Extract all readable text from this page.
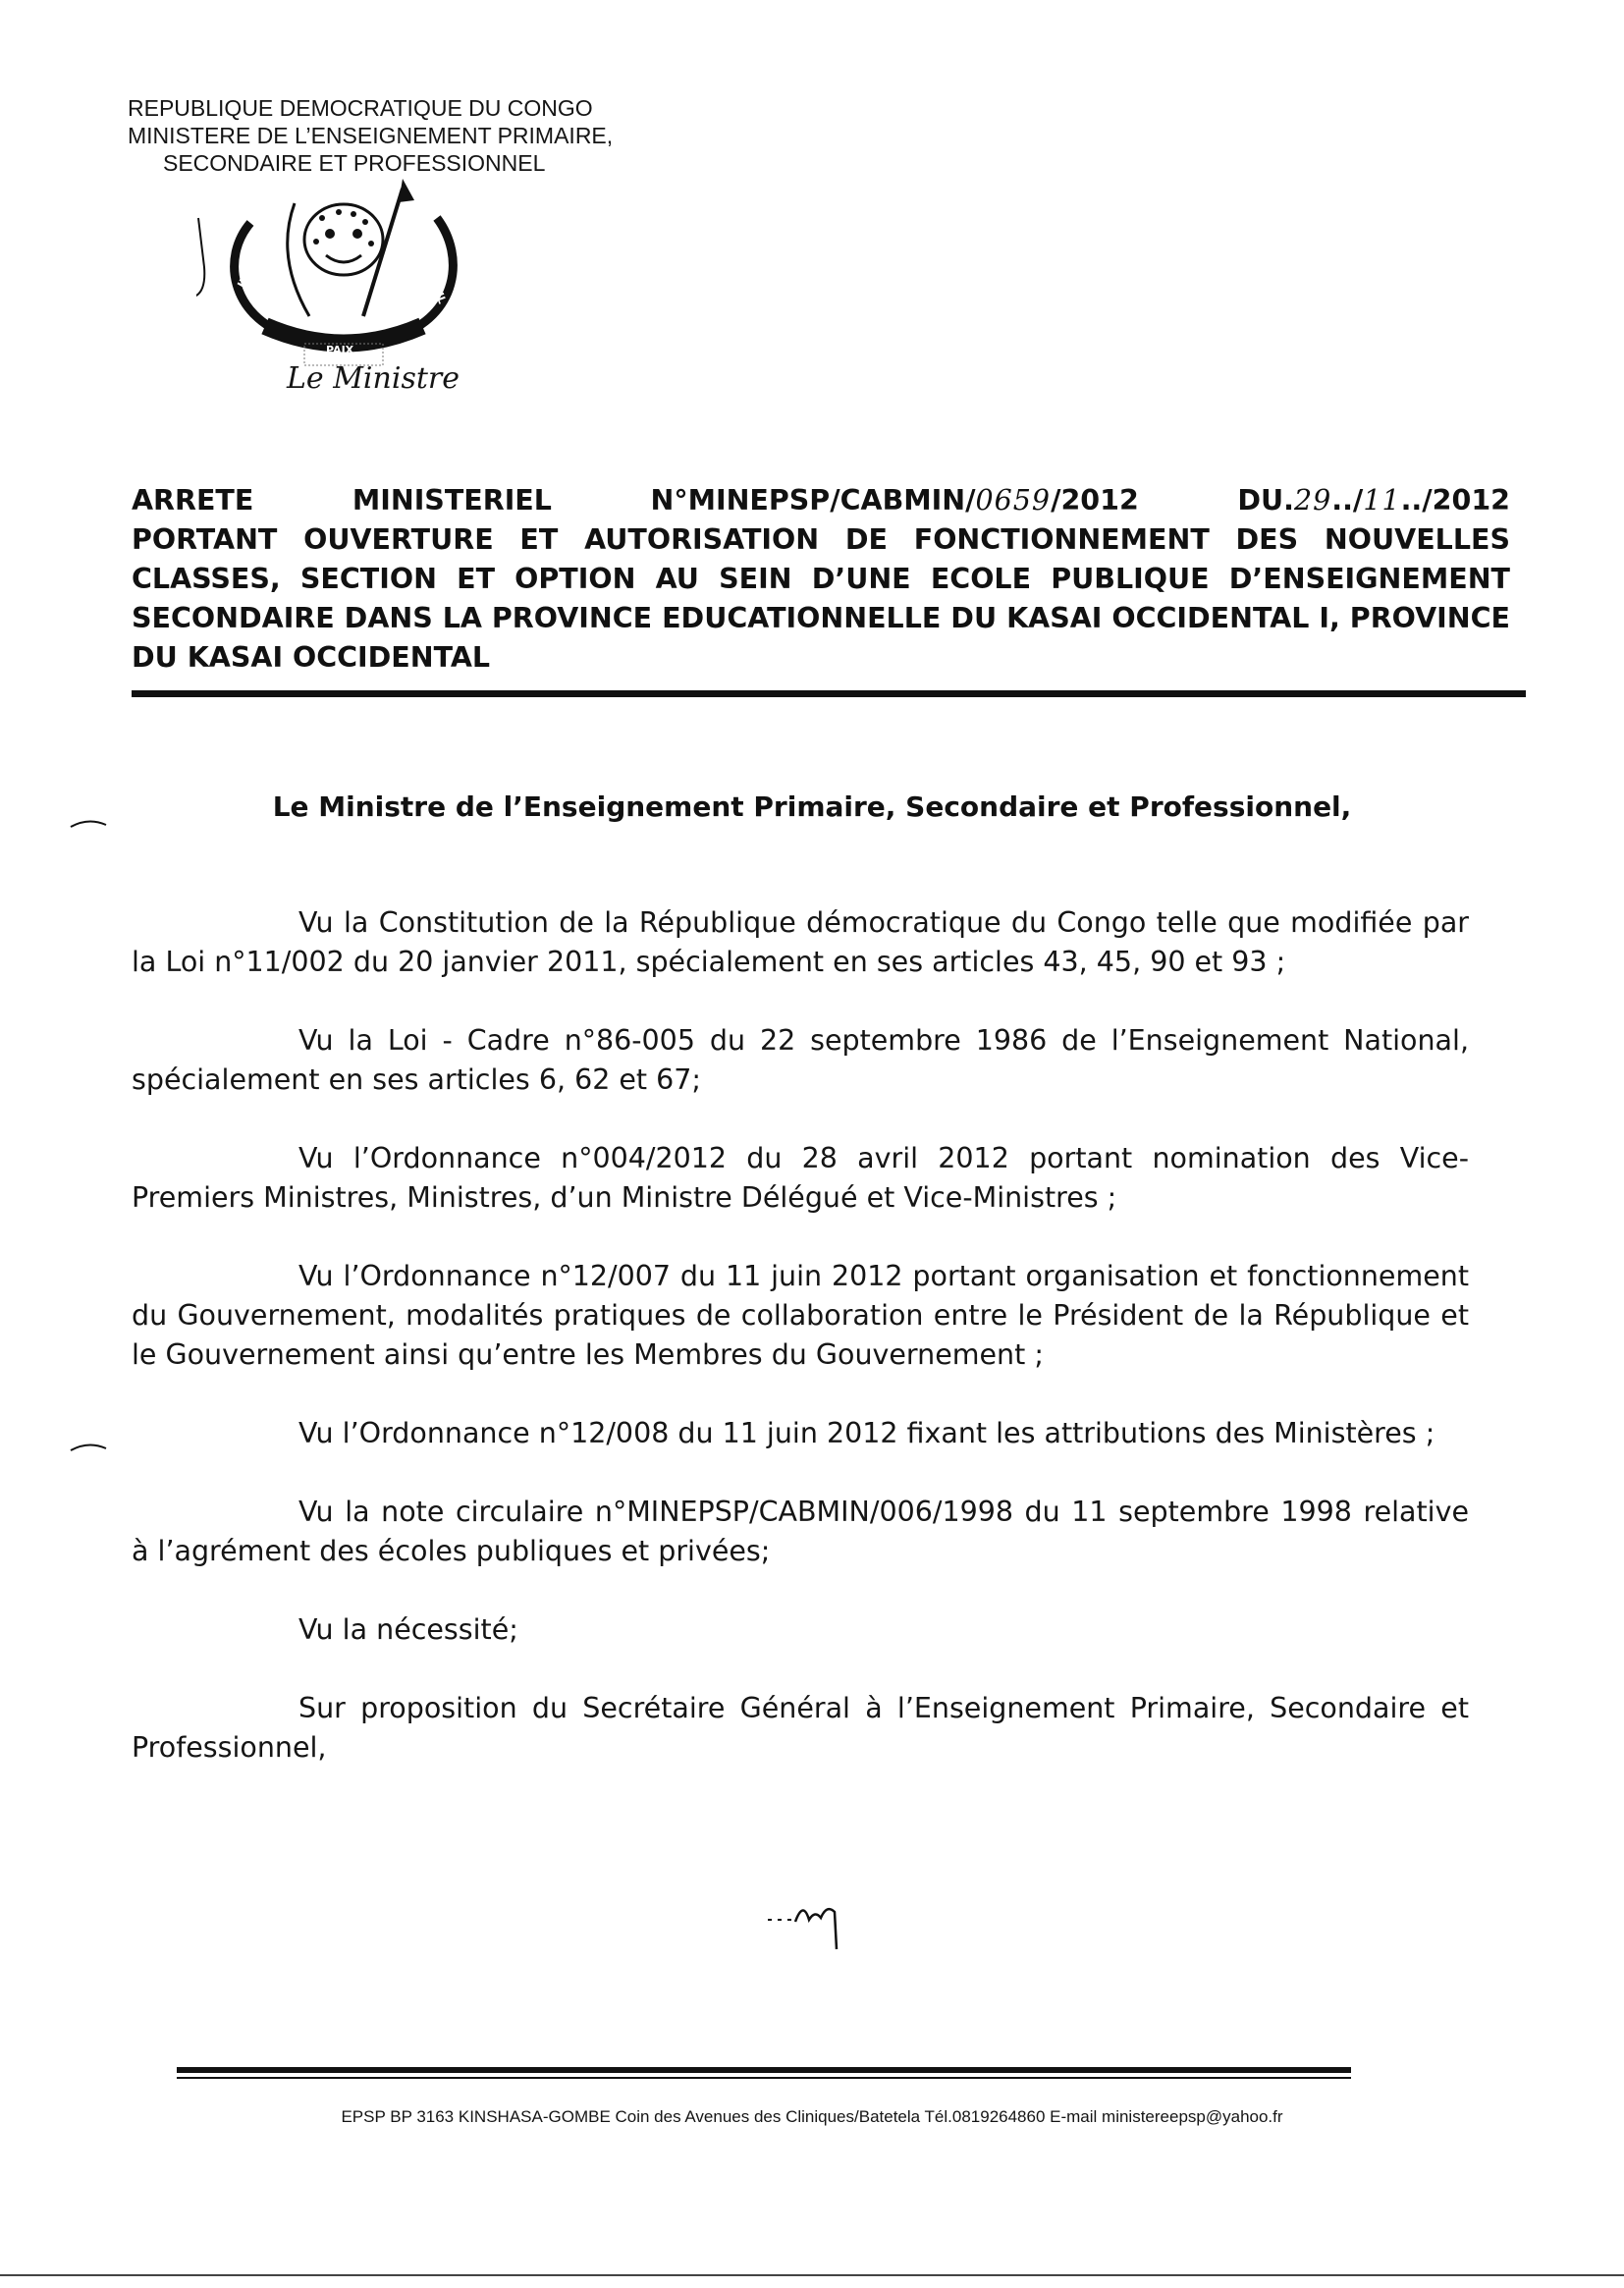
REPUBLIQUE DEMOCRATIQUE DU CONGO
MINISTERE DE L’ENSEIGNEMENT PRIMAIRE,
SECONDAIRE ET PROFESSIONNEL
JUSTICE
PAIX
TRAVAIL
Le Ministre
ARRETE	MINISTERIEL	N°MINEPSP/CABMIN/0659/2012	DU.29../11../2012
PORTANT OUVERTURE ET AUTORISATION DE FONCTIONNEMENT DES NOUVELLES CLASSES, SECTION ET OPTION AU SEIN D’UNE ECOLE PUBLIQUE D’ENSEIGNEMENT SECONDAIRE DANS LA PROVINCE EDUCATIONNELLE DU KASAI OCCIDENTAL I, PROVINCE DU KASAI OCCIDENTAL
Le Ministre de l’Enseignement Primaire, Secondaire et Professionnel,

Vu la Constitution de la République démocratique du Congo telle que modifiée par la Loi n°11/002 du 20 janvier 2011, spécialement en ses articles 43, 45, 90 et 93 ;

Vu la Loi - Cadre n°86-005 du 22 septembre 1986 de l’Enseignement National, spécialement en ses articles 6, 62 et 67;

Vu l’Ordonnance n°004/2012 du 28 avril 2012 portant nomination des Vice-Premiers Ministres, Ministres, d’un Ministre Délégué et Vice-Ministres ;

Vu l’Ordonnance n°12/007 du 11 juin 2012 portant organisation et fonctionnement du Gouvernement, modalités pratiques de collaboration entre le Président de la République et le Gouvernement ainsi qu’entre les Membres du Gouvernement ;

Vu l’Ordonnance n°12/008 du 11 juin 2012 fixant les attributions des Ministères ;

Vu la note circulaire n°MINEPSP/CABMIN/006/1998 du 11 septembre 1998 relative à l’agrément des écoles publiques et privées;

Vu la nécessité;

Sur proposition du Secrétaire Général à l’Enseignement Primaire, Secondaire et Professionnel,

EPSP BP 3163 KINSHASA-GOMBE Coin des Avenues des Cliniques/Batetela Tél.0819264860 E-mail ministereepsp@yahoo.fr
